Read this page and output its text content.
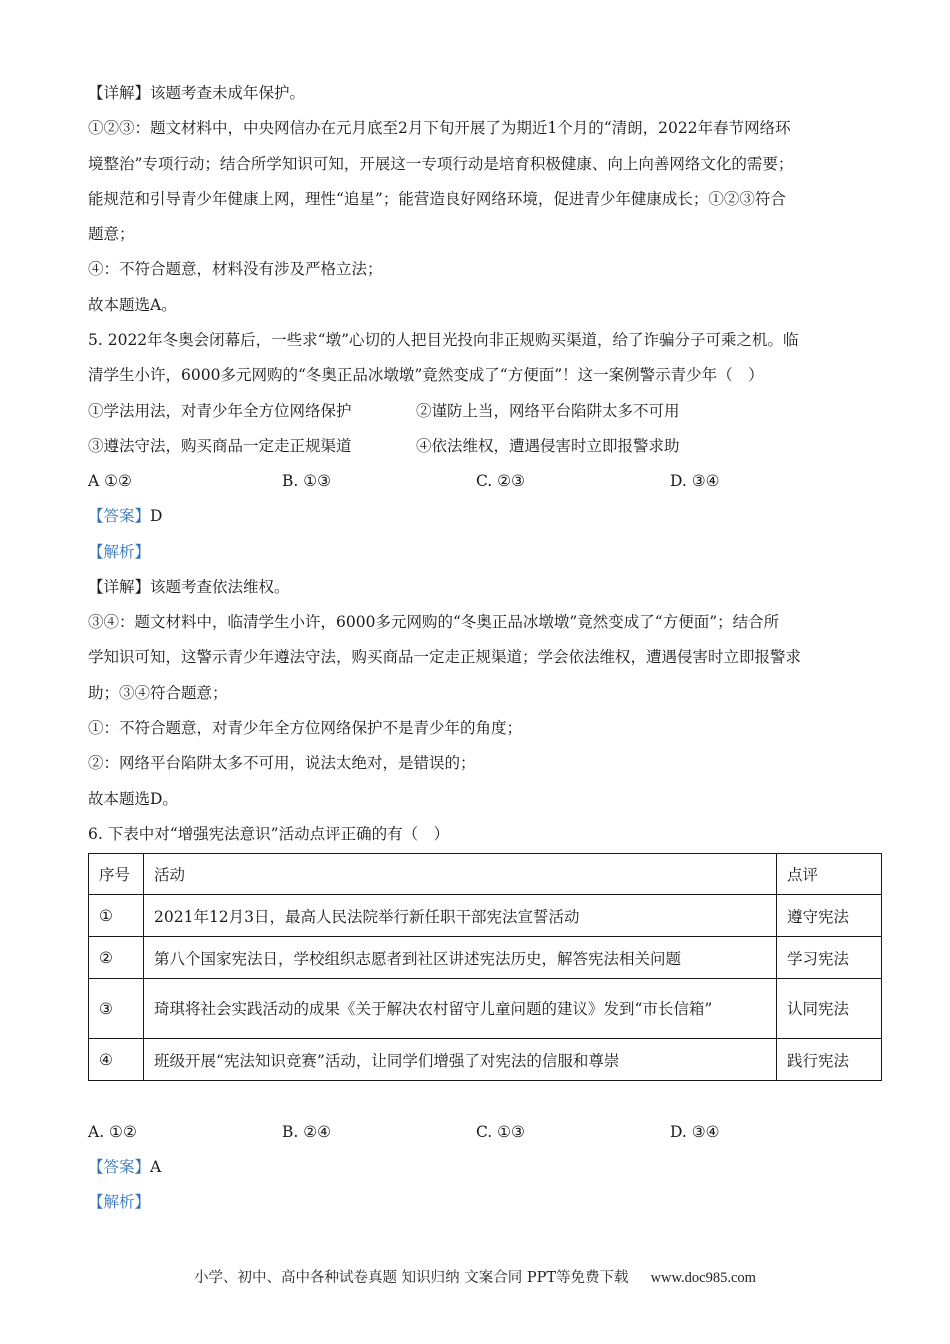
【详解】该题考查未成年保护。
①②③：题文材料中，中央网信办在元月底至2月下旬开展了为期近1个月的“清朗，2022年春节网络环
境整治”专项行动；结合所学知识可知，开展这一专项行动是培育积极健康、向上向善网络文化的需要；
能规范和引导青少年健康上网，理性“追星”；能营造良好网络环境，促进青少年健康成长；①②③符合
题意；
④：不符合题意，材料没有涉及严格立法；
故本题选A。
5. 2022年冬奥会闭幕后，一些求“墩”心切的人把目光投向非正规购买渠道，给了诈骗分子可乘之机。临
清学生小许，6000多元网购的“冬奥正品冰墩墩”竟然变成了“方便面”！这一案例警示青少年（　）
①学法用法，对青少年全方位网络保护	②谨防上当，网络平台陷阱太多不可用
③遵法守法，购买商品一定走正规渠道	④依法维权，遭遇侵害时立即报警求助
A ①②	B. ①③	C. ②③	D. ③④
【答案】D
【解析】
【详解】该题考查依法维权。
③④：题文材料中，临清学生小许，6000多元网购的“冬奥正品冰墩墩”竟然变成了“方便面”；结合所
学知识可知，这警示青少年遵法守法，购买商品一定走正规渠道；学会依法维权，遭遇侵害时立即报警求
助；③④符合题意；
①：不符合题意，对青少年全方位网络保护不是青少年的角度；
②：网络平台陷阱太多不可用，说法太绝对，是错误的；
故本题选D。
6. 下表中对“增强宪法意识”活动点评正确的有（　）
序号	活动	点评
①	2021年12月3日，最高人民法院举行新任职干部宪法宣誓活动	遵守宪法
②	第八个国家宪法日，学校组织志愿者到社区讲述宪法历史，解答宪法相关问题	学习宪法
③	琦琪将社会实践活动的成果《关于解决农村留守儿童问题的建议》发到“市长信箱”	认同宪法
④	班级开展“宪法知识竞赛”活动，让同学们增强了对宪法的信服和尊崇	践行宪法
A. ①②	B. ②④	C. ①③	D. ③④
【答案】A
【解析】
小学、初中、高中各种试卷真题 知识归纳 文案合同 PPT等免费下载 www.doc985.com
